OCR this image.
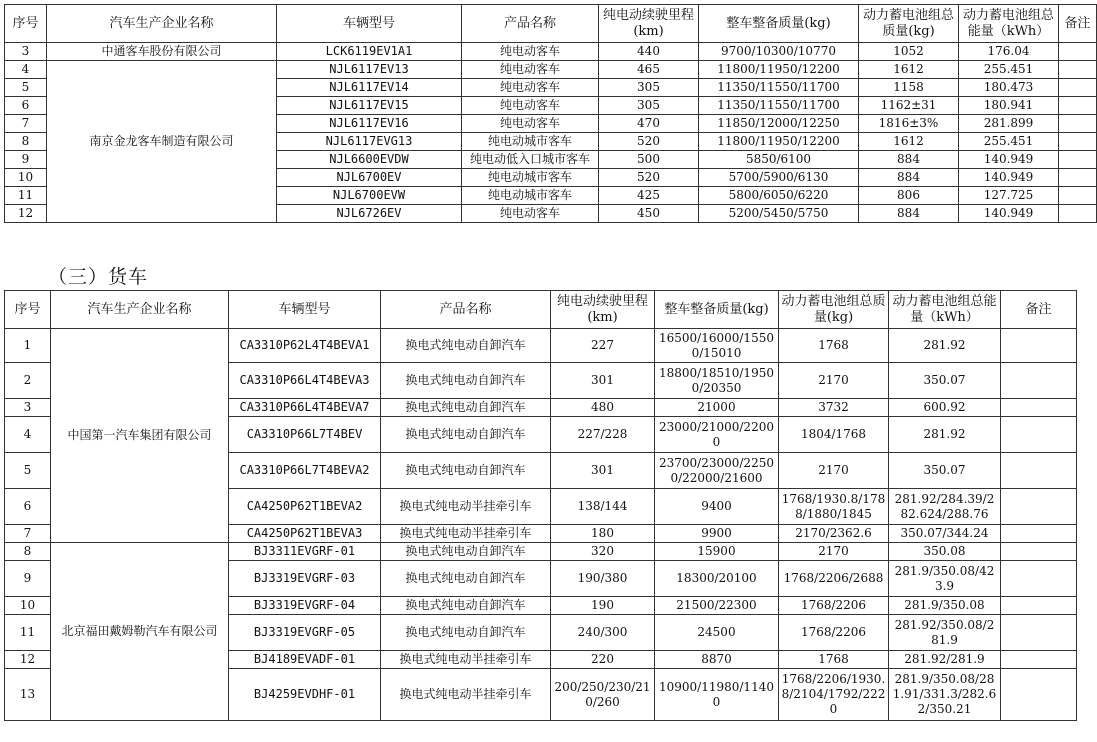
序号	汽车生产企业名称	车辆型号	产品名称	纯电动续驶里程(km)	整车整备质量(kg)	动力蓄电池组总质量(kg)	动力蓄电池组总能量（kWh）	备注
3	中通客车股份有限公司	LCK6119EV1A1	纯电动客车	440	9700/10300/10770	1052	176.04	
4	南京金龙客车制造有限公司	NJL6117EV13	纯电动客车	465	11800/11950/12200	1612	255.451	
5		NJL6117EV14	纯电动客车	305	11350/11550/11700	1158	180.473	
6		NJL6117EV15	纯电动客车	305	11350/11550/11700	1162±31	180.941	
7		NJL6117EV16	纯电动客车	470	11850/12000/12250	1816±3%	281.899	
8		NJL6117EVG13	纯电动城市客车	520	11800/11950/12200	1612	255.451	
9		NJL6600EVDW	纯电动低入口城市客车	500	5850/6100	884	140.949	
10		NJL6700EV	纯电动城市客车	520	5700/5900/6130	884	140.949	
11		NJL6700EVW	纯电动城市客车	425	5800/6050/6220	806	127.725	
12		NJL6726EV	纯电动客车	450	5200/5450/5750	884	140.949	
（三）货车
序号	汽车生产企业名称	车辆型号	产品名称	纯电动续驶里程(km)	整车整备质量(kg)	动力蓄电池组总质量(kg)	动力蓄电池组总能量（kWh）	备注
1	中国第一汽车集团有限公司	CA3310P62L4T4BEVA1	换电式纯电动自卸汽车	227	16500/16000/15500/15010	1768	281.92	
2		CA3310P66L4T4BEVA3	换电式纯电动自卸汽车	301	18800/18510/19500/20350	2170	350.07	
3		CA3310P66L4T4BEVA7	换电式纯电动自卸汽车	480	21000	3732	600.92	
4		CA3310P66L7T4BEV	换电式纯电动自卸汽车	227/228	23000/21000/22000	1804/1768	281.92	
5		CA3310P66L7T4BEVA2	换电式纯电动自卸汽车	301	23700/23000/22500/22000/21600	2170	350.07	
6		CA4250P62T1BEVA2	换电式纯电动半挂牵引车	138/144	9400	1768/1930.8/1788/1880/1845	281.92/284.39/282.624/288.76	
7		CA4250P62T1BEVA3	换电式纯电动半挂牵引车	180	9900	2170/2362.6	350.07/344.24	
8	北京福田戴姆勒汽车有限公司	BJ3311EVGRF-01	换电式纯电动自卸汽车	320	15900	2170	350.08	
9		BJ3319EVGRF-03	换电式纯电动自卸汽车	190/380	18300/20100	1768/2206/2688	281.9/350.08/423.9	
10		BJ3319EVGRF-04	换电式纯电动自卸汽车	190	21500/22300	1768/2206	281.9/350.08	
11		BJ3319EVGRF-05	换电式纯电动自卸汽车	240/300	24500	1768/2206	281.92/350.08/281.9	
12		BJ4189EVADF-01	换电式纯电动半挂牵引车	220	8870	1768	281.92/281.9	
13		BJ4259EVDHF-01	换电式纯电动半挂牵引车	200/250/230/210/260	10900/11980/11400	1768/2206/1930.8/2104/1792/2220	281.9/350.08/281.91/331.3/282.62/350.21	
